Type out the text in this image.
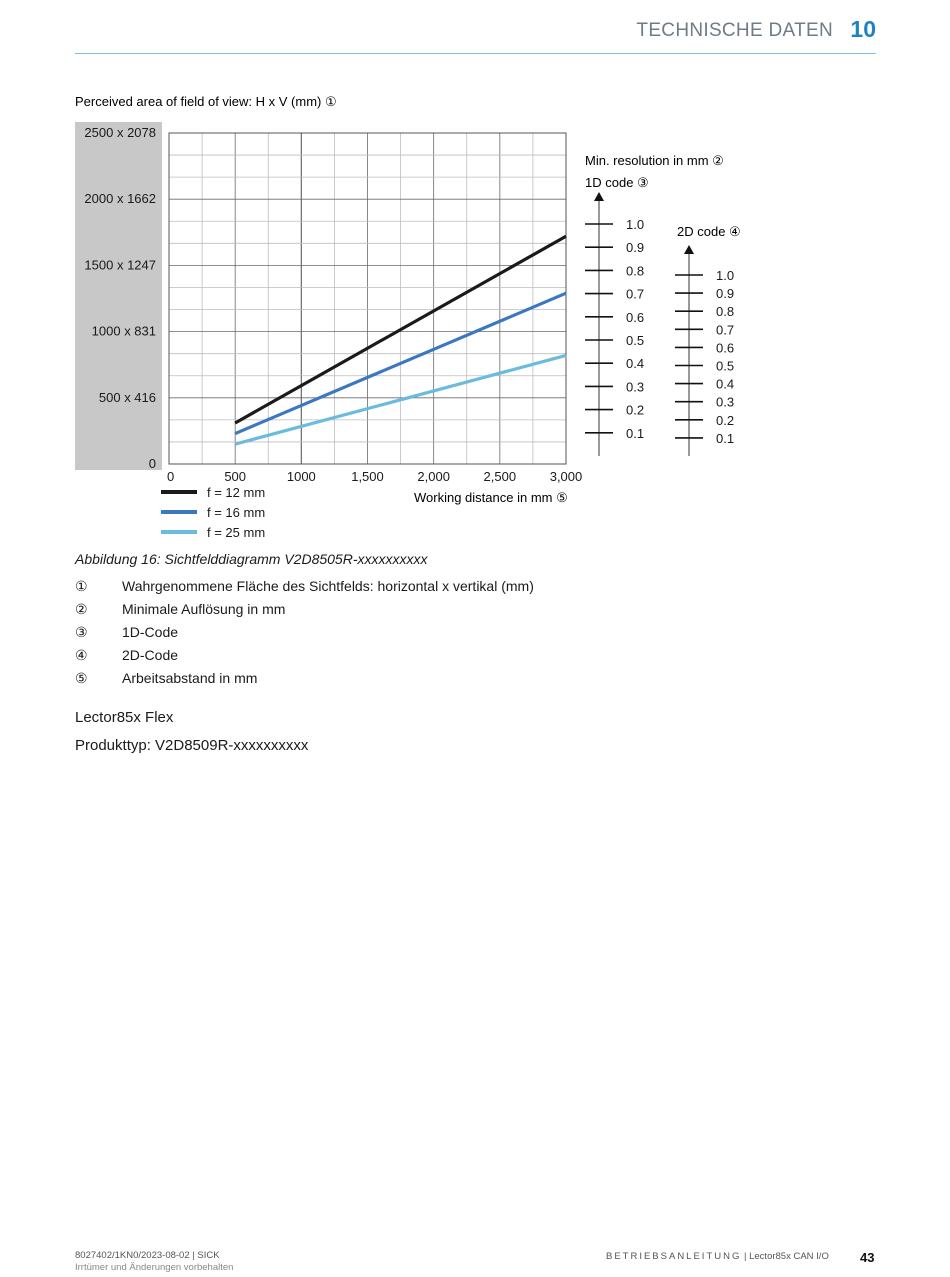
TECHNISCHE DATEN 10
Perceived area of field of view: H x V (mm) ①
0
500 x 416
1000 x 831
1500 x 1247
2000 x 1662
2500 x 2078
0	500	1000	1,500	2,000	2,500	3,000
f = 12 mm
f = 16 mm
f = 25 mm
Working distance in mm ⑤
Min. resolution in mm ②
1D code ③
2D code ④
1.0
0.9
0.8
0.7
0.6
0.5
0.4
0.3
0.2
0.1
1.0
0.9
0.8
0.7
0.6
0.5
0.4
0.3
0.2
0.1
Abbildung 16: Sichtfelddiagramm V2D8505R-xxxxxxxxxx
① Wahrgenommene Fläche des Sichtfelds: horizontal x vertikal (mm)
② Minimale Auflösung in mm
③ 1D-Code
④ 2D-Code
⑤ Arbeitsabstand in mm
Lector85x Flex
Produkttyp: V2D8509R-xxxxxxxxxx
8027402/1KN0/2023-08-02 | SICK
Irrtümer und Änderungen vorbehalten
BETRIEBSANLEITUNG | Lector85x CAN I/O 43
